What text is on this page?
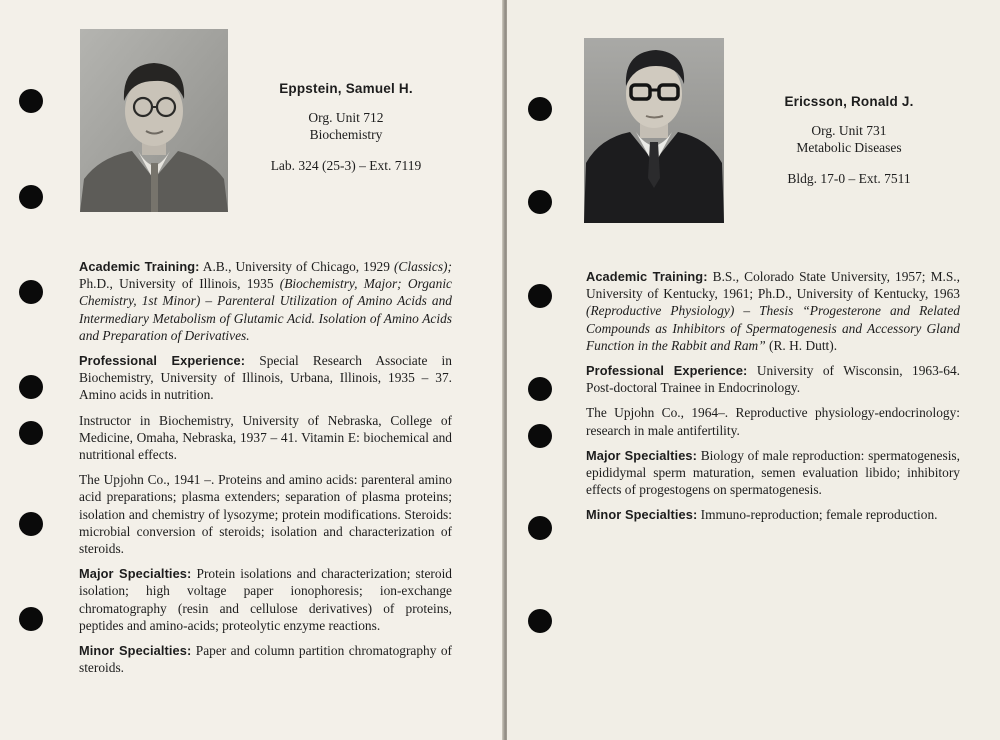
Eppstein, Samuel H.
Org. Unit 712
Biochemistry
Lab. 324 (25-3) – Ext. 7119

Academic Training: A.B., University of Chicago, 1929 (Classics); Ph.D., University of Illinois, 1935 (Biochemistry, Major; Organic Chemistry, 1st Minor) – Parenteral Utilization of Amino Acids and Intermediary Metabolism of Glutamic Acid. Isolation of Amino Acids and Preparation of Derivatives.

Professional Experience: Special Research Associate in Biochemistry, University of Illinois, Urbana, Illinois, 1935 – 37. Amino acids in nutrition.

Instructor in Biochemistry, University of Nebraska, College of Medicine, Omaha, Nebraska, 1937 – 41. Vitamin E: biochemical and nutritional effects.

The Upjohn Co., 1941 –. Proteins and amino acids: parenteral amino acid preparations; plasma extenders; separation of plasma proteins; isolation and chemistry of lysozyme; protein modifications. Steroids: microbial conversion of steroids; isolation and characterization of steroids.

Major Specialties: Protein isolations and characterization; steroid isolation; high voltage paper ionophoresis; ion-exchange chromatography (resin and cellulose derivatives) of proteins, peptides and amino-acids; proteolytic enzyme reactions.

Minor Specialties: Paper and column partition chromatography of steroids.

Ericsson, Ronald J.
Org. Unit 731
Metabolic Diseases
Bldg. 17-0 – Ext. 7511

Academic Training: B.S., Colorado State University, 1957; M.S., University of Kentucky, 1961; Ph.D., University of Kentucky, 1963 (Reproductive Physiology) – Thesis “Progesterone and Related Compounds as Inhibitors of Spermatogenesis and Accessory Gland Function in the Rabbit and Ram” (R. H. Dutt).

Professional Experience: University of Wisconsin, 1963-64. Post-doctoral Trainee in Endocrinology.

The Upjohn Co., 1964–. Reproductive physiology-endocrinology: research in male antifertility.

Major Specialties: Biology of male reproduction: spermatogenesis, epididymal sperm maturation, semen evaluation libido; inhibitory effects of progestogens on spermatogenesis.

Minor Specialties: Immuno-reproduction; female reproduction.
